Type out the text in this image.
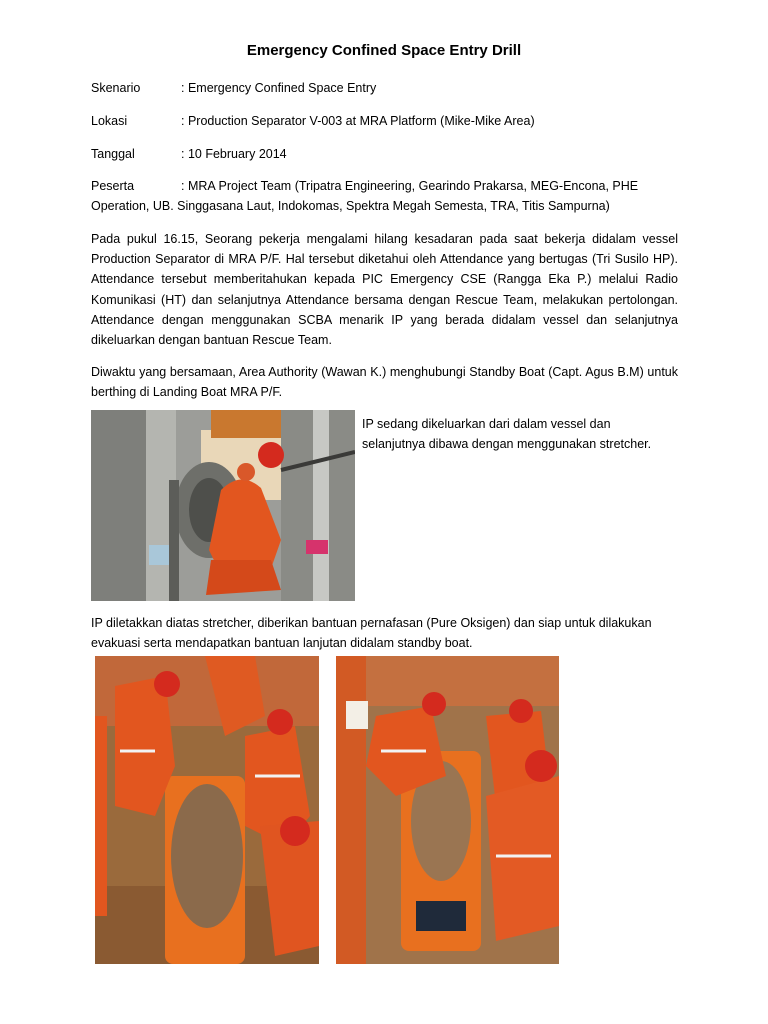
Emergency Confined Space Entry Drill
Skenario	: Emergency Confined Space Entry
Lokasi	: Production Separator V-003 at MRA Platform (Mike-Mike Area)
Tanggal	: 10 February 2014
Peserta	: MRA Project Team (Tripatra Engineering, Gearindo Prakarsa, MEG-Encona, PHE
Operation, UB. Singgasana Laut, Indokomas, Spektra Megah Semesta, TRA, Titis Sampurna)
Pada pukul 16.15, Seorang pekerja mengalami hilang kesadaran pada saat bekerja didalam vessel Production Separator di MRA P/F. Hal tersebut diketahui oleh Attendance yang bertugas (Tri Susilo HP). Attendance tersebut memberitahukan kepada PIC Emergency CSE (Rangga Eka P.) melalui Radio Komunikasi (HT) dan selanjutnya Attendance bersama dengan Rescue Team, melakukan pertolongan. Attendance dengan menggunakan SCBA menarik IP yang berada didalam vessel dan selanjutnya dikeluarkan dengan bantuan Rescue Team.
Diwaktu yang bersamaan, Area Authority (Wawan K.) menghubungi Standby Boat (Capt. Agus B.M) untuk berthing di Landing Boat MRA P/F.
IP sedang dikeluarkan dari dalam vessel dan
selanjutnya dibawa dengan menggunakan stretcher.
IP diletakkan diatas stretcher, diberikan bantuan pernafasan (Pure Oksigen) dan siap untuk dilakukan
evakuasi serta mendapatkan bantuan lanjutan didalam standby boat.
